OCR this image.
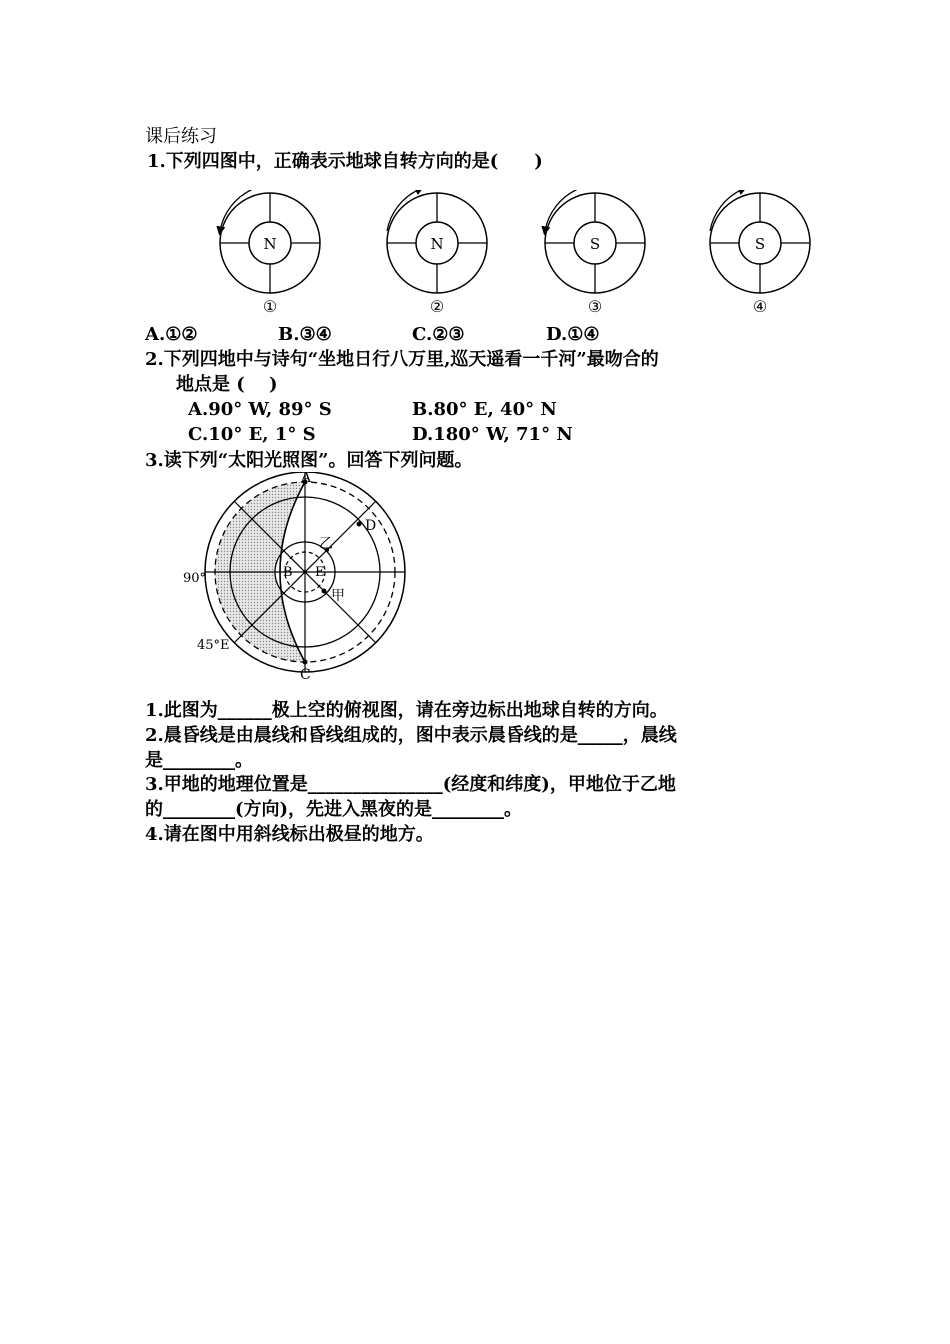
课后练习
1.下列四图中，正确表示地球自转方向的是(　　)
N
①
N
②
S
③
S
④
A.①②	B.③④	C.②③	D.①④
2.下列四地中与诗句“坐地日行八万里,巡天遥看一千河”最吻合的
地点是 (　 )
A.90° W, 89° S	B.80° E, 40° N
C.10° E, 1° S	D.180° W, 71° N
3.读下列“太阳光照图”。回答下列问题。
A
C
D
B E
乙
甲
90°
45°E
1.此图为______极上空的俯视图，请在旁边标出地球自转的方向。
2.晨昏线是由晨线和昏线组成的，图中表示晨昏线的是_____，晨线
是________。
3.甲地的地理位置是_______________(经度和纬度)，甲地位于乙地
的________(方向)，先进入黑夜的是________。
4.请在图中用斜线标出极昼的地方。
